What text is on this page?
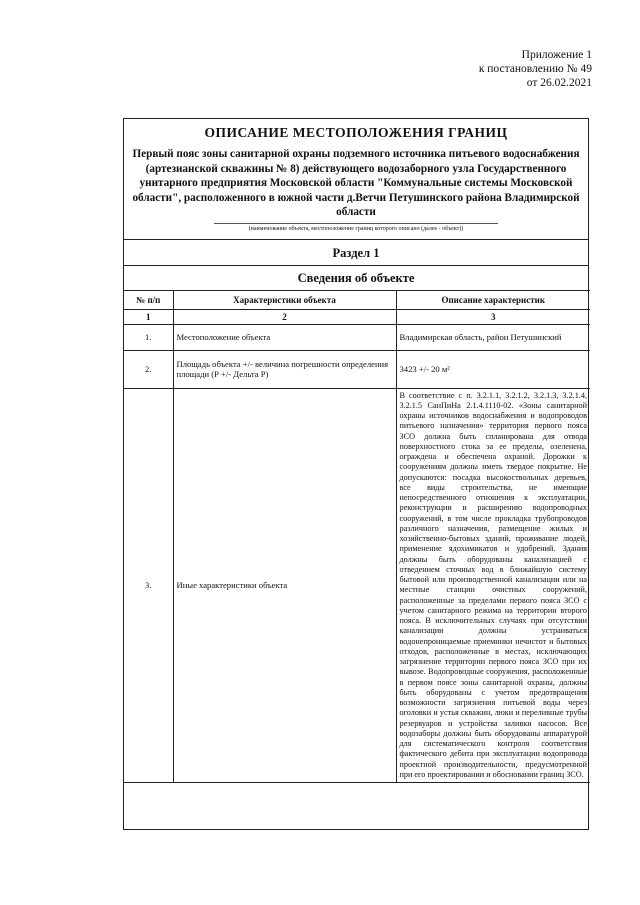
Приложение 1
к постановлению № 49
от 26.02.2021
ОПИСАНИЕ МЕСТОПОЛОЖЕНИЯ ГРАНИЦ
Первый пояс зоны санитарной охраны подземного источника питьевого водоснабжения (артезианской скважины № 8) действующего водозаборного узла Государственного унитарного предприятия Московской области "Коммунальные системы Московской области", расположенного в южной части д.Ветчи Петушинского района Владимирской области
(наименование объекта, местоположение границ которого описано (далее - объект))
Раздел 1
Сведения об объекте
№ п/п	Характеристики объекта	Описание характеристик
1	2	3
1.	Местоположение объекта	Владимирская область, район Петушинский
2.	Площадь объекта +/- величина погрешности определения площади (Р +/- Дельта Р)	3423 +/- 20 м²
3.	Иные характеристики объекта	В соответствие с п. 3.2.1.1, 3.2.1.2, 3.2.1.3, 3.2.1.4, 3.2.1.5 СанПиНа 2.1.4.1110-02. «Зоны санитарной охраны источников водоснабжения и водопроводов питьевого назначения» территория первого пояса ЗСО должна быть спланирована для отвода поверхностного стока за ее пределы, озеленена, ограждена и обеспечена охраной. Дорожки к сооружениям должны иметь твердое покрытие. Не допускаются: посадка высокоствольных деревьев, все виды строительства, не имеющие непосредственного отношения к эксплуатации, реконструкции и расширению водопроводных сооружений, в том числе прокладка трубопроводов различного назначения, размещение жилых и хозяйственно-бытовых зданий, проживание людей, применение ядохимикатов и удобрений. Здания должны быть оборудованы канализацией с отведением сточных вод в ближайшую систему бытовой или производственной канализации или на местные станции очистных сооружений, расположенные за пределами первого пояса ЗСО с учетом санитарного режима на территории второго пояса. В исключительных случаях при отсутствии канализации должны устраиваться водонепроницаемые приемники нечистот и бытовых отходов, расположенные в местах, исключающих загрязнение территории первого пояса ЗСО при их вывозе. Водопроводные сооружения, расположенные в первом поясе зоны санитарной охраны, должны быть оборудованы с учетом предотвращения возможности загрязнения питьевой воды через оголовки и устья скважин, люки и переливные трубы резервуаров и устройства заливки насосов. Все водозаборы должны быть оборудованы аппаратурой для систематического контроля соответствия фактического дебита при эксплуатации водопровода проектной производительности, предусмотренной при его проектировании и обосновании границ ЗСО.
